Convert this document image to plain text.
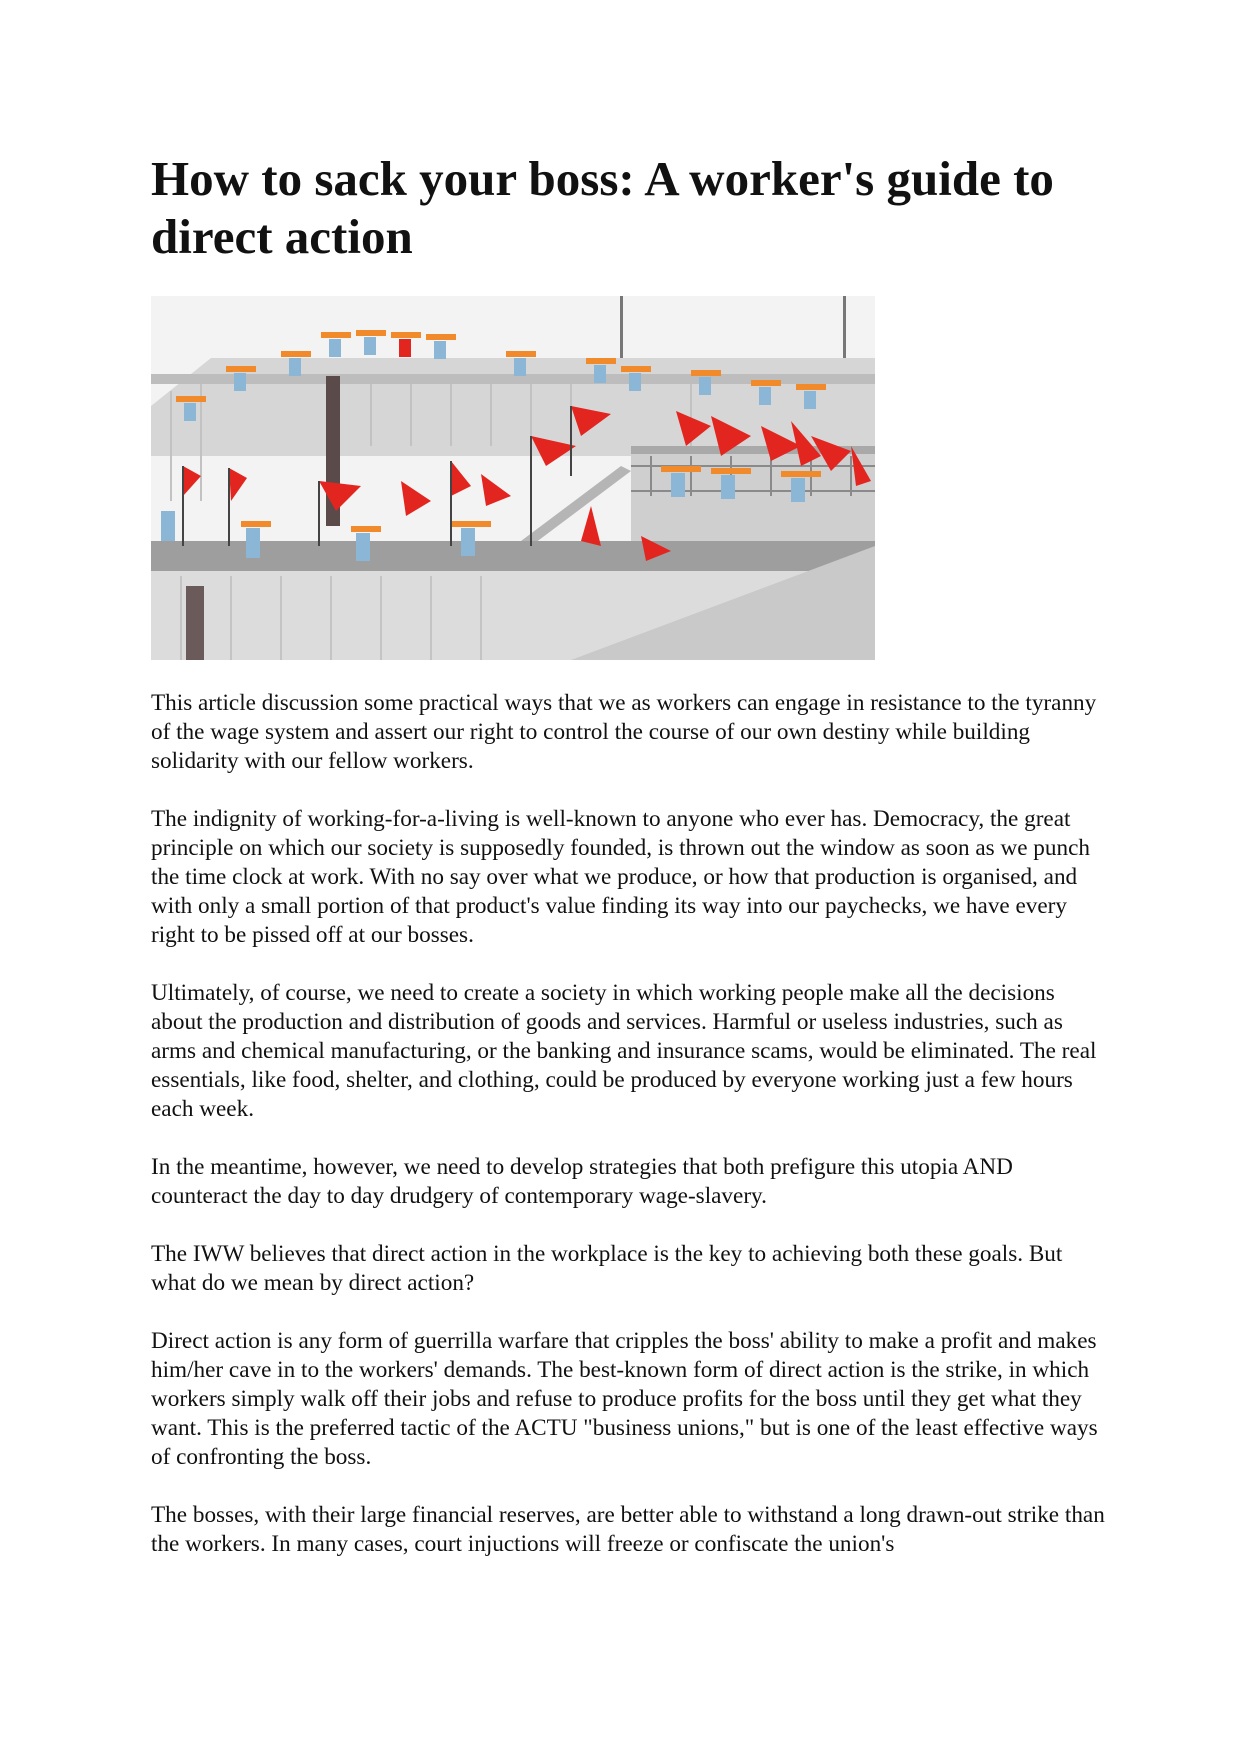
How to sack your boss: A worker's guide to direct action

This article discussion some practical ways that we as workers can engage in resistance to the tyranny of the wage system and assert our right to control the course of our own destiny while building solidarity with our fellow workers.

The indignity of working-for-a-living is well-known to anyone who ever has. Democracy, the great principle on which our society is supposedly founded, is thrown out the window as soon as we punch the time clock at work. With no say over what we produce, or how that production is organised, and with only a small portion of that product's value finding its way into our paychecks, we have every right to be pissed off at our bosses.

Ultimately, of course, we need to create a society in which working people make all the decisions about the production and distribution of goods and services. Harmful or useless industries, such as arms and chemical manufacturing, or the banking and insurance scams, would be eliminated. The real essentials, like food, shelter, and clothing, could be produced by everyone working just a few hours each week.

In the meantime, however, we need to develop strategies that both prefigure this utopia AND counteract the day to day drudgery of contemporary wage-slavery.

The IWW believes that direct action in the workplace is the key to achieving both these goals. But what do we mean by direct action?

Direct action is any form of guerrilla warfare that cripples the boss' ability to make a profit and makes him/her cave in to the workers' demands. The best-known form of direct action is the strike, in which workers simply walk off their jobs and refuse to produce profits for the boss until they get what they want. This is the preferred tactic of the ACTU "business unions," but is one of the least effective ways of confronting the boss.

The bosses, with their large financial reserves, are better able to withstand a long drawn-out strike than the workers. In many cases, court injuctions will freeze or confiscate the union's
